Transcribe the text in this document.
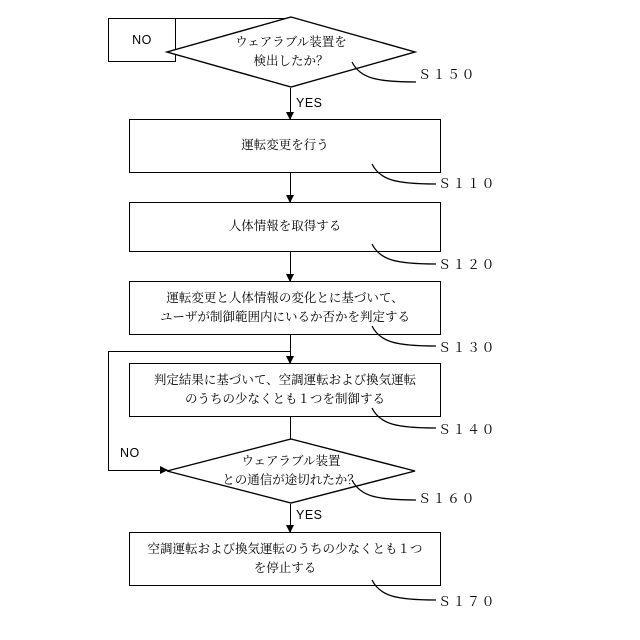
NO	ウェアラブル装置を
検出したか？
Ｓ１５０
YES
運転変更を行う
Ｓ１１０
人体情報を取得する
Ｓ１２０
運転変更と人体情報の変化とに基づいて、
ユーザが制御範囲内にいるか否かを判定する
Ｓ１３０
判定結果に基づいて、空調運転および換気運転
のうちの少なくとも１つを制御する
Ｓ１４０
NO
ウェアラブル装置
との通信が途切れたか？
Ｓ１６０
YES
空調運転および換気運転のうちの少なくとも１つ
を停止する
Ｓ１７０
